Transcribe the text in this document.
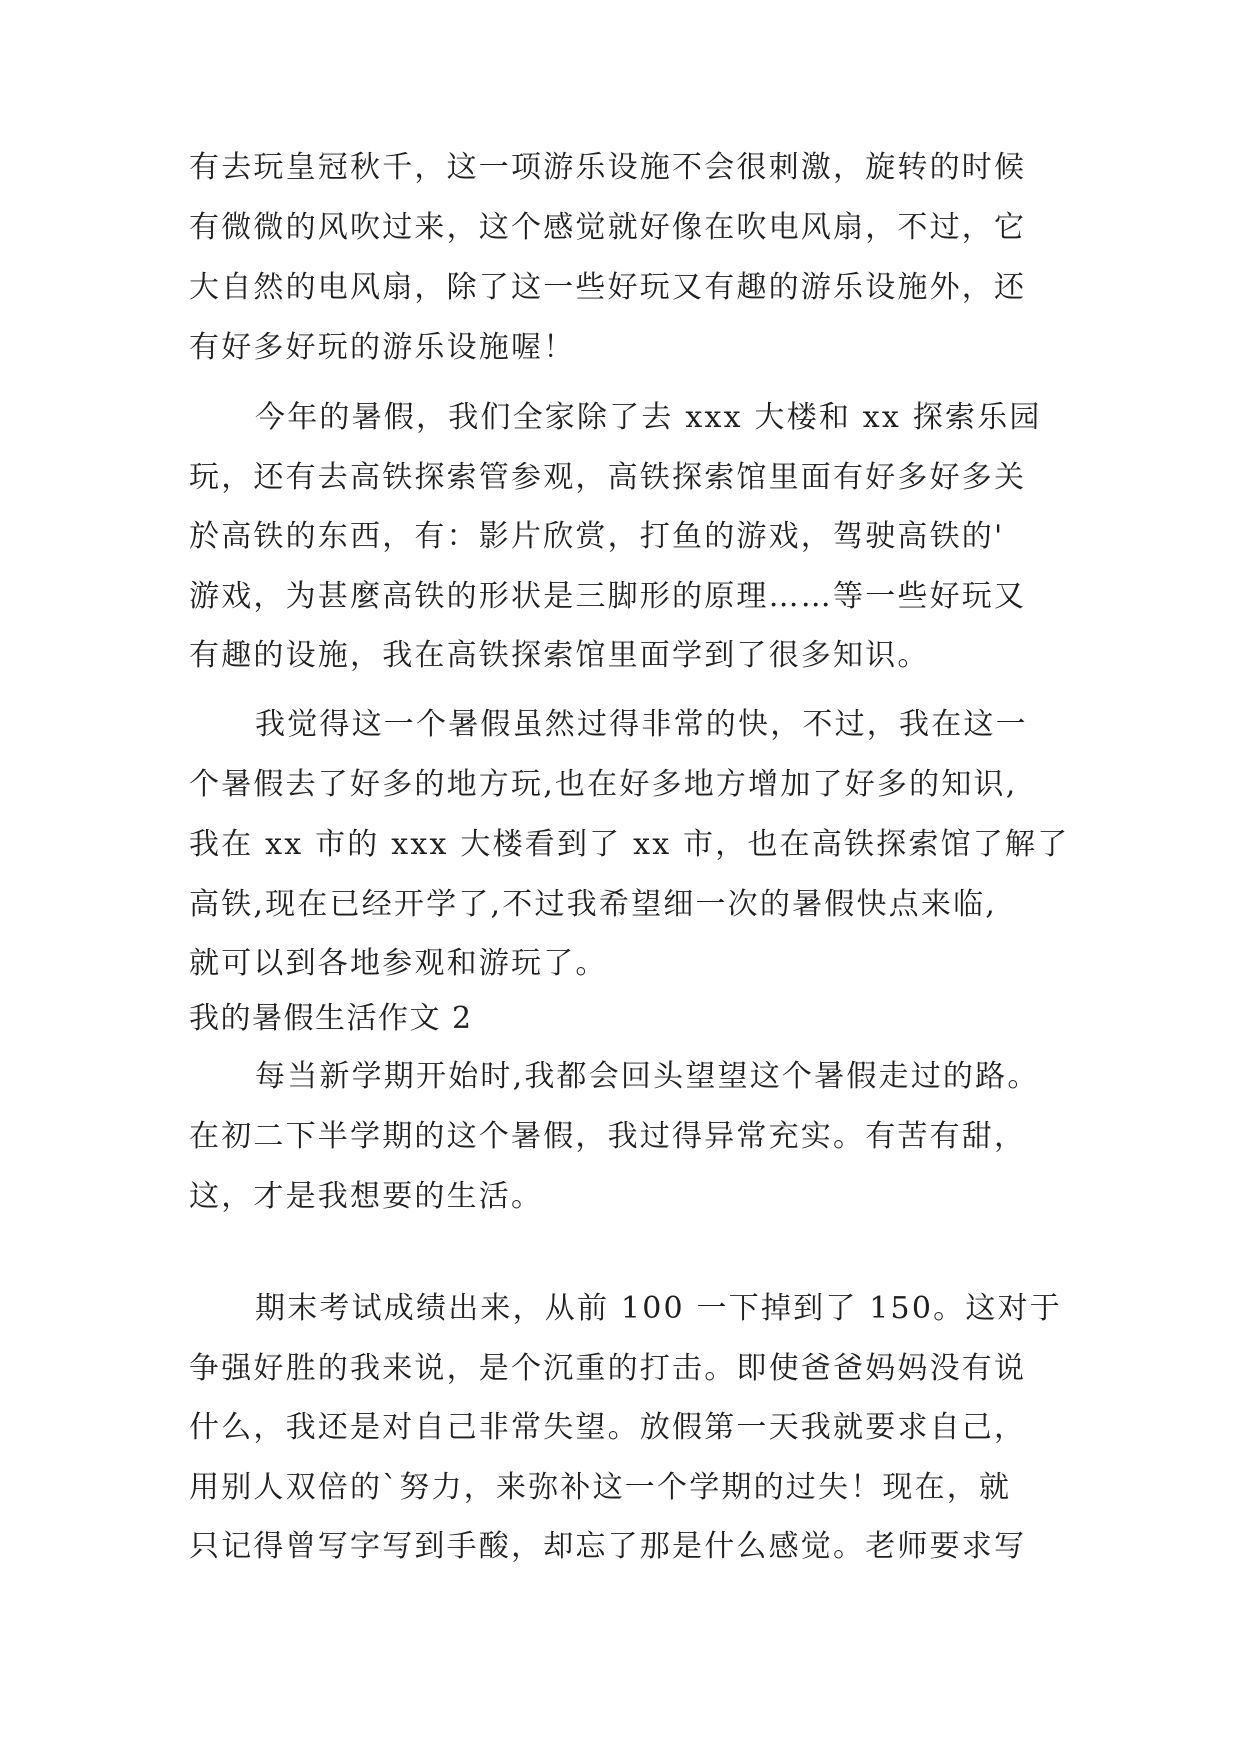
有去玩皇冠秋千，这一项游乐设施不会很刺激，旋转的时候
有微微的风吹过来，这个感觉就好像在吹电风扇，不过，它
大自然的电风扇，除了这一些好玩又有趣的游乐设施外，还
有好多好玩的游乐设施喔！
今年的暑假，我们全家除了去 xxx 大楼和 xx 探索乐园
玩，还有去高铁探索管参观，高铁探索馆里面有好多好多关
於高铁的东西，有：影片欣赏，打鱼的游戏，驾驶高铁的'
游戏，为甚麼高铁的形状是三脚形的原理……等一些好玩又
有趣的设施，我在高铁探索馆里面学到了很多知识。
我觉得这一个暑假虽然过得非常的快，不过，我在这一
个暑假去了好多的地方玩,也在好多地方增加了好多的知识,
我在 xx 市的 xxx 大楼看到了 xx 市，也在高铁探索馆了解了
高铁,现在已经开学了,不过我希望细一次的暑假快点来临,
就可以到各地参观和游玩了。
我的暑假生活作文 2
每当新学期开始时,我都会回头望望这个暑假走过的路。
在初二下半学期的这个暑假，我过得异常充实。有苦有甜，
这，才是我想要的生活。
期末考试成绩出来，从前 100 一下掉到了 150。这对于
争强好胜的我来说，是个沉重的打击。即使爸爸妈妈没有说
什么，我还是对自己非常失望。放假第一天我就要求自己，
用别人双倍的`努力，来弥补这一个学期的过失！现在，就
只记得曾写字写到手酸，却忘了那是什么感觉。老师要求写
